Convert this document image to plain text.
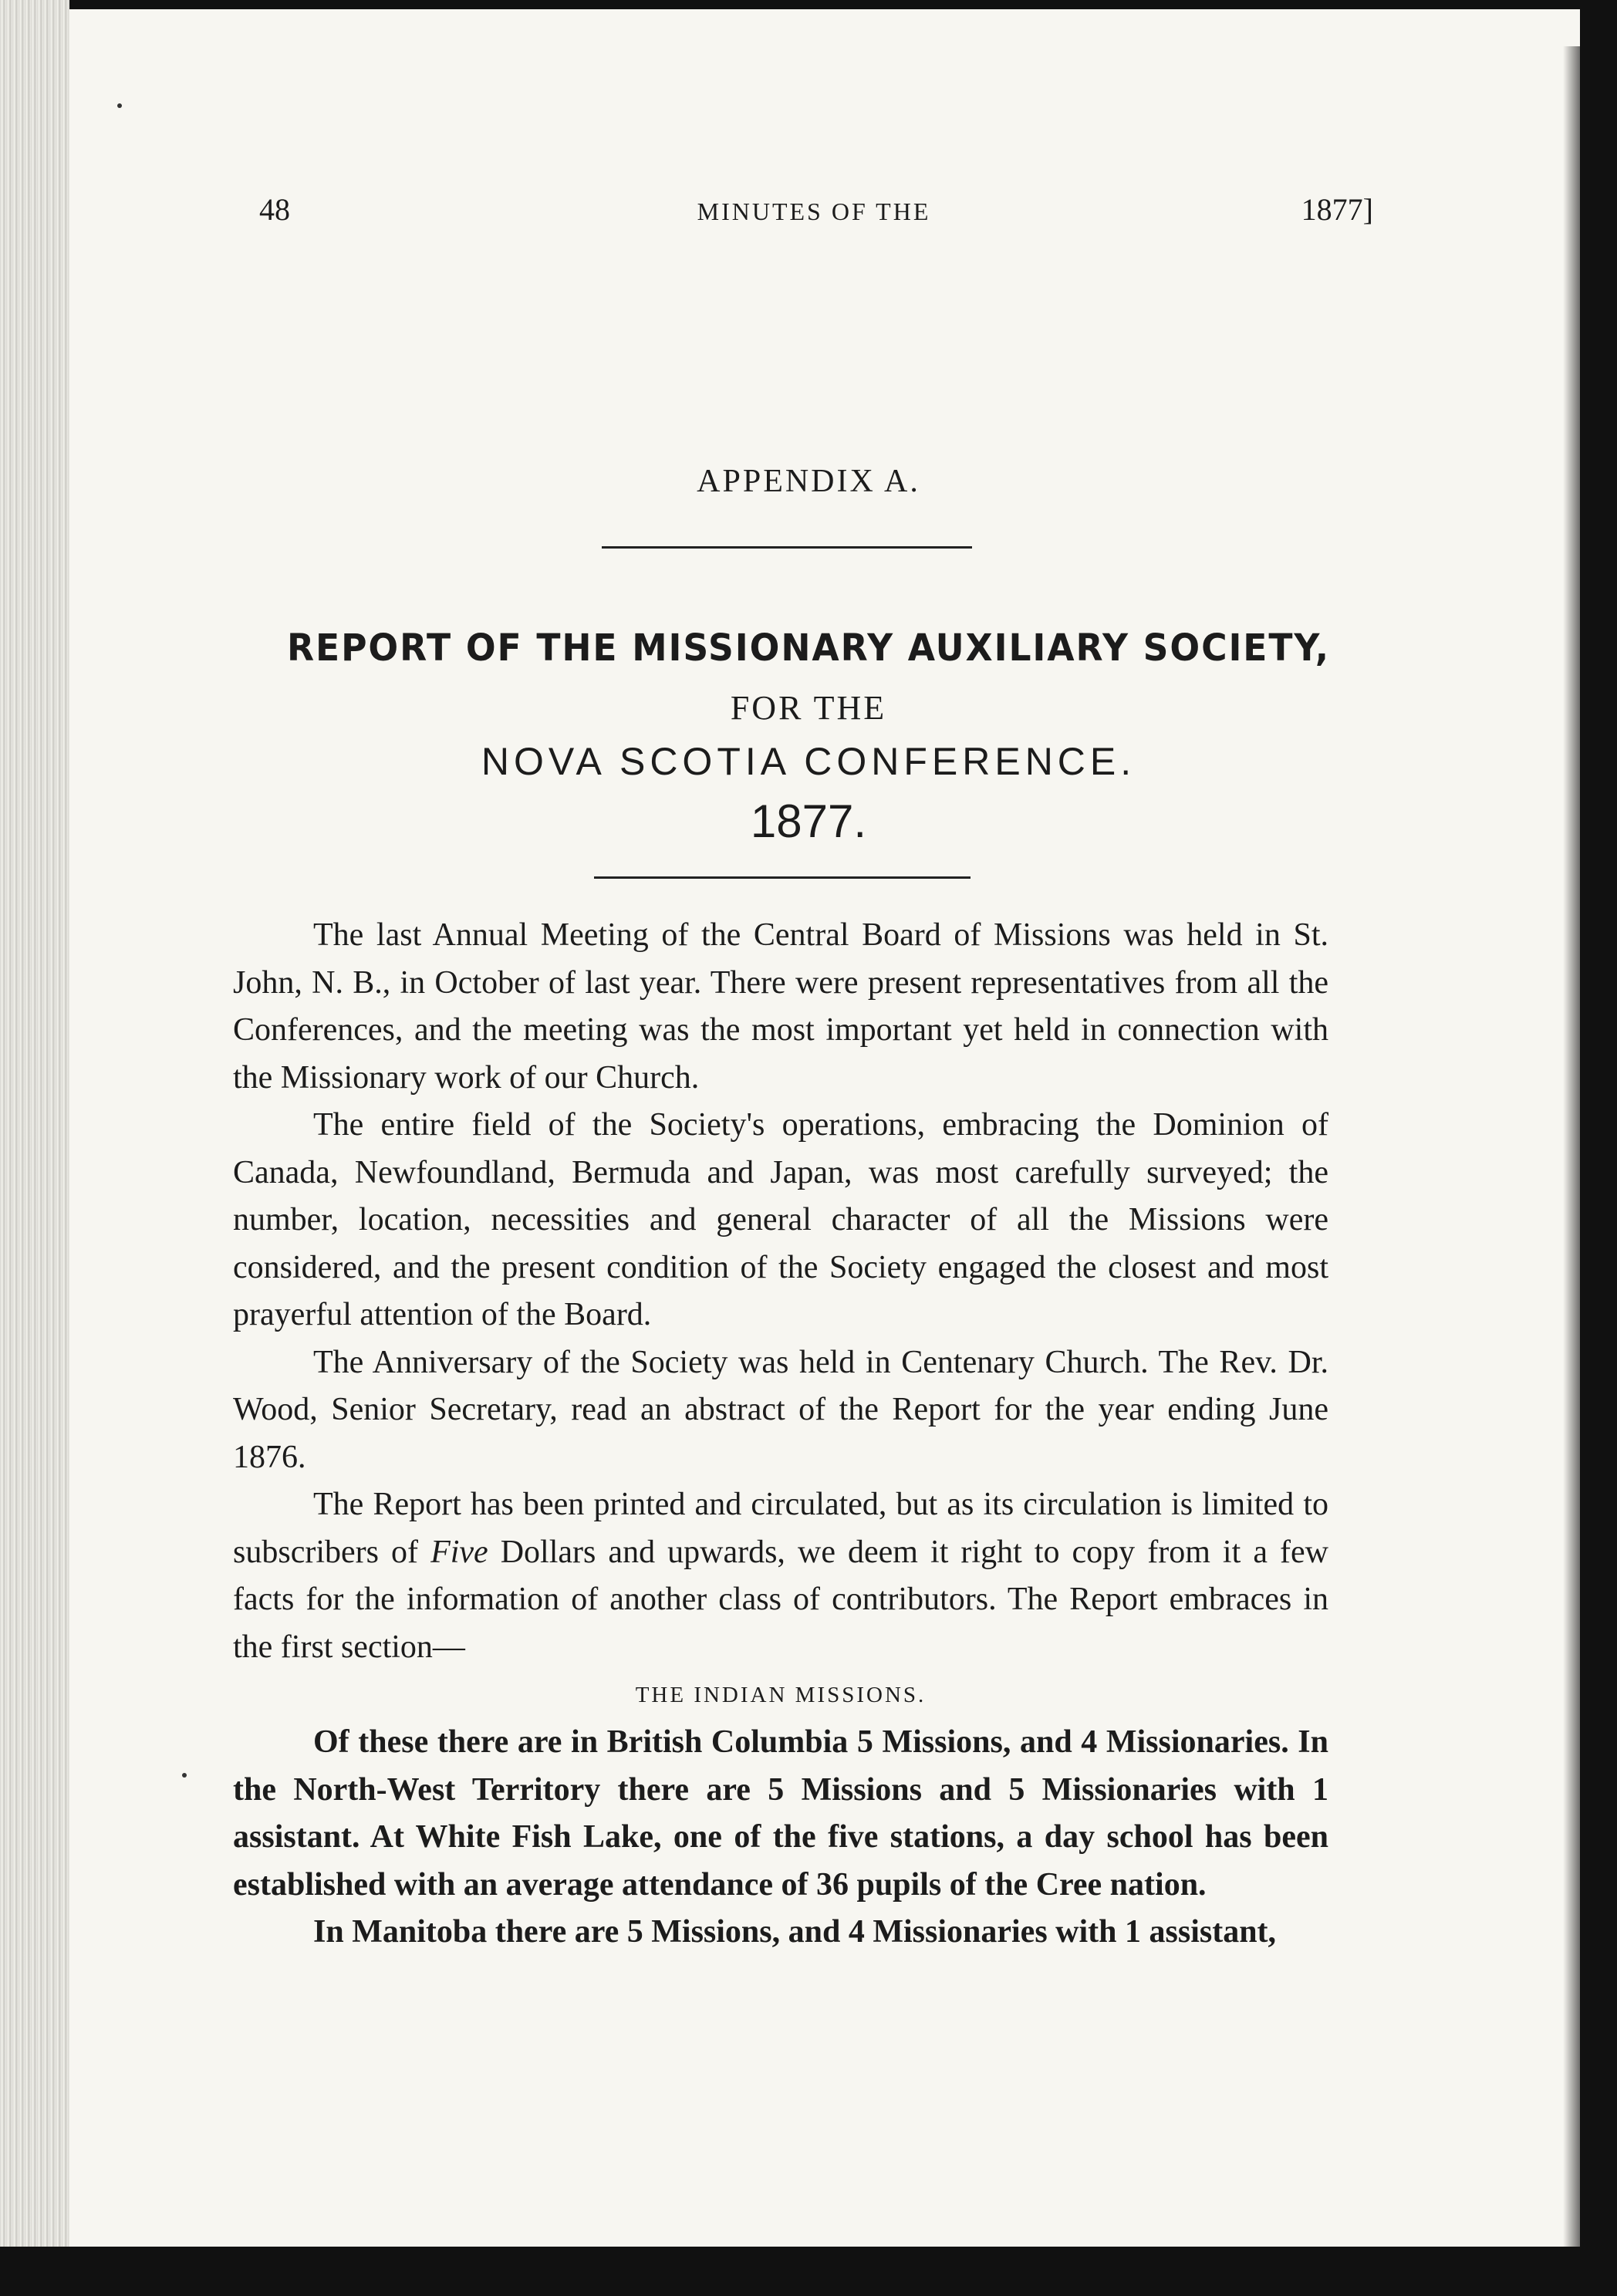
48	MINUTES OF THE	1877]
APPENDIX A.
REPORT OF THE MISSIONARY AUXILIARY SOCIETY,
FOR THE
NOVA SCOTIA CONFERENCE.
1877.

The last Annual Meeting of the Central Board of Missions was held in St. John, N. B., in October of last year. There were present representatives from all the Conferences, and the meeting was the most important yet held in connection with the Missionary work of our Church.

The entire field of the Society's operations, embracing the Dominion of Canada, Newfoundland, Bermuda and Japan, was most carefully surveyed; the number, location, necessities and general character of all the Missions were considered, and the present condition of the Society engaged the closest and most prayerful attention of the Board.

The Anniversary of the Society was held in Centenary Church. The Rev. Dr. Wood, Senior Secretary, read an abstract of the Report for the year ending June 1876.

The Report has been printed and circulated, but as its circulation is limited to subscribers of Five Dollars and upwards, we deem it right to copy from it a few facts for the information of another class of contributors. The Report embraces in the first section—

THE INDIAN MISSIONS.

Of these there are in British Columbia 5 Missions, and 4 Missionaries. In the North-West Territory there are 5 Missions and 5 Missionaries with 1 assistant. At White Fish Lake, one of the five stations, a day school has been established with an average attendance of 36 pupils of the Cree nation.

In Manitoba there are 5 Missions, and 4 Missionaries with 1 assistant,
